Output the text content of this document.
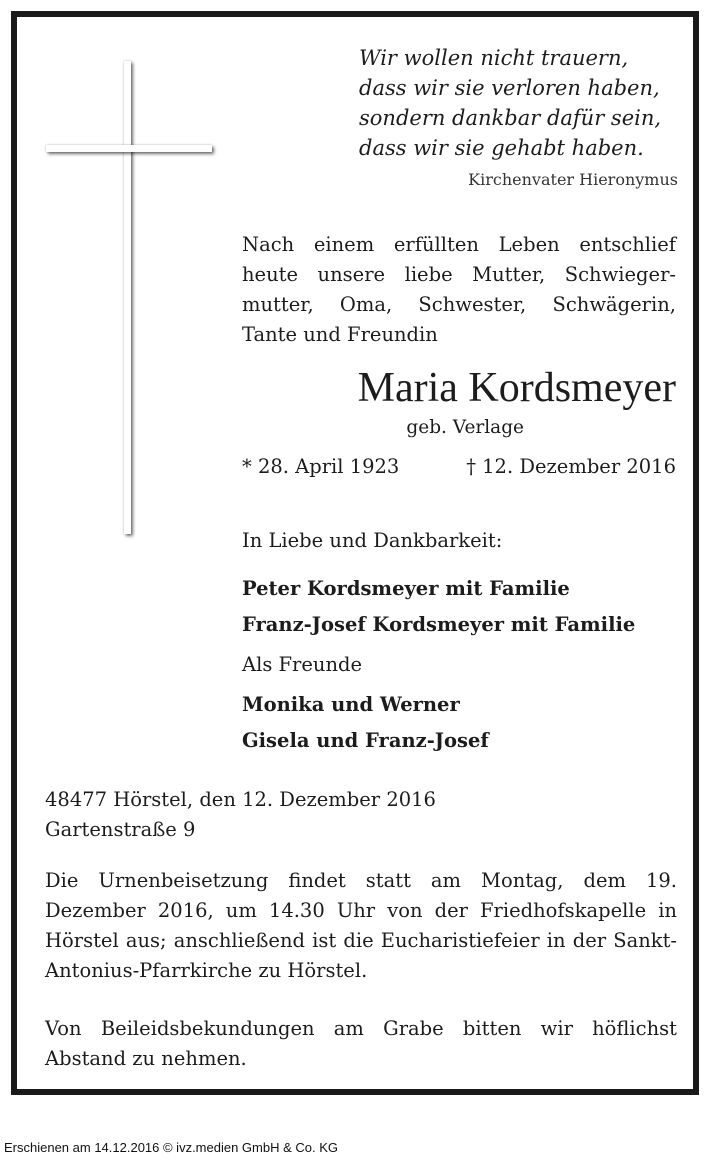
Wir wollen nicht trauern,
dass wir sie verloren haben,
sondern dankbar dafür sein,
dass wir sie gehabt haben.
Kirchenvater Hieronymus
Nach einem erfüllten Leben entschlief heute unsere liebe Mutter, Schwieger-mutter, Oma, Schwester, Schwägerin, Tante und Freundin
Maria Kordsmeyer
geb. Verlage
* 28. April 1923	† 12. Dezember 2016
In Liebe und Dankbarkeit:
Peter Kordsmeyer mit Familie
Franz-Josef Kordsmeyer mit Familie
Als Freunde
Monika und Werner
Gisela und Franz-Josef
48477 Hörstel, den 12. Dezember 2016
Gartenstraße 9
Die Urnenbeisetzung findet statt am Montag, dem 19. Dezember 2016, um 14.30 Uhr von der Friedhofskapelle in Hörstel aus; anschließend ist die Eucharistiefeier in der Sankt-Antonius-Pfarrkirche zu Hörstel.
Von Beileidsbekundungen am Grabe bitten wir höflichst Abstand zu nehmen.
Erschienen am 14.12.2016 © ivz.medien GmbH & Co. KG
